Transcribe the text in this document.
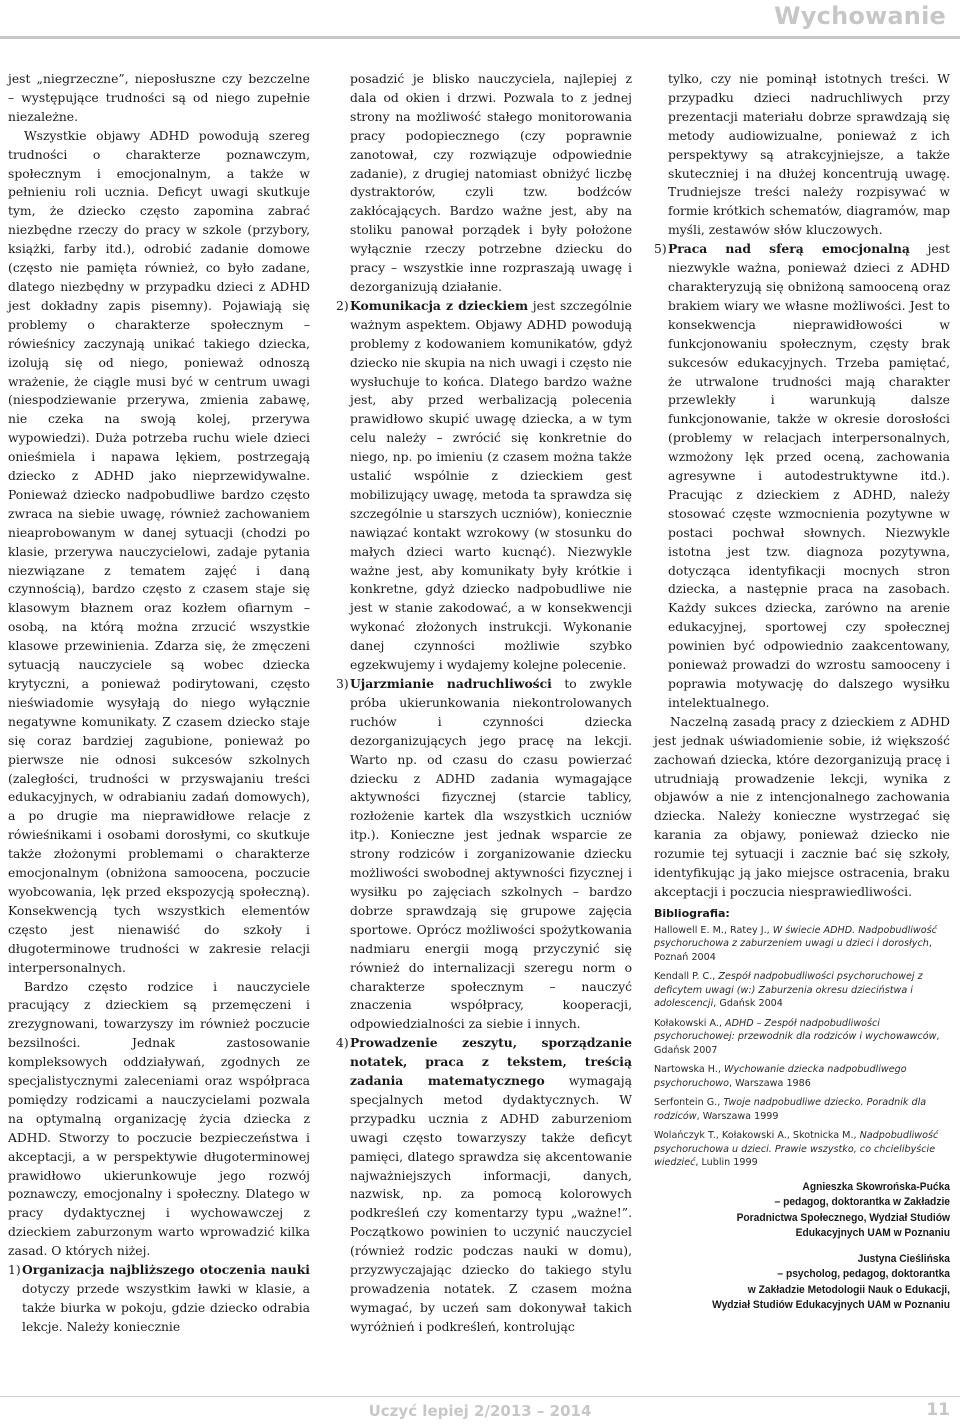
Wychowanie

jest „niegrzeczne”, nieposłuszne czy bezczelne – występujące trudności są od niego zupełnie niezależne.

Wszystkie objawy ADHD powodują szereg trudności o charakterze poznawczym, społecznym i emocjonalnym, a także w pełnieniu roli ucznia. Deficyt uwagi skutkuje tym, że dziecko często zapomina zabrać niezbędne rzeczy do pracy w szkole (przybory, książki, farby itd.), odrobić zadanie domowe (często nie pamięta również, co było zadane, dlatego niezbędny w przypadku dzieci z ADHD jest dokładny zapis pisemny). Pojawiają się problemy o charakterze społecznym – rówieśnicy zaczynają unikać takiego dziecka, izolują się od niego, ponieważ odnoszą wrażenie, że ciągle musi być w centrum uwagi (niespodziewanie przerywa, zmienia zabawę, nie czeka na swoją kolej, przerywa wypowiedzi). Duża potrzeba ruchu wiele dzieci onieśmiela i napawa lękiem, postrzegają dziecko z ADHD jako nieprzewidywalne. Ponieważ dziecko nadpobudliwe bardzo często zwraca na siebie uwagę, również zachowaniem nieaprobowanym w danej sytuacji (chodzi po klasie, przerywa nauczycielowi, zadaje pytania niezwiązane z tematem zajęć i daną czynnością), bardzo często z czasem staje się klasowym błaznem oraz kozłem ofiarnym – osobą, na którą można zrzucić wszystkie klasowe przewinienia. Zdarza się, że zmęczeni sytuacją nauczyciele są wobec dziecka krytyczni, a ponieważ podirytowani, często nieświadomie wysyłają do niego wyłącznie negatywne komunikaty. Z czasem dziecko staje się coraz bardziej zagubione, ponieważ po pierwsze nie odnosi sukcesów szkolnych (zaległości, trudności w przyswajaniu treści edukacyjnych, w odrabianiu zadań domowych), a po drugie ma nieprawidłowe relacje z rówieśnikami i osobami dorosłymi, co skutkuje także złożonymi problemami o charakterze emocjonalnym (obniżona samoocena, poczucie wyobcowania, lęk przed ekspozycją społeczną). Konsekwencją tych wszystkich elementów często jest nienawiść do szkoły i długoterminowe trudności w zakresie relacji interpersonalnych.

Bardzo często rodzice i nauczyciele pracujący z dzieckiem są przemęczeni i zrezygnowani, towarzyszy im również poczucie bezsilności. Jednak zastosowanie kompleksowych oddziaływań, zgodnych ze specjalistycznymi zaleceniami oraz współpraca pomiędzy rodzicami a nauczycielami pozwala na optymalną organizację życia dziecka z ADHD. Stworzy to poczucie bezpieczeństwa i akceptacji, a w perspektywie długoterminowej prawidłowo ukierunkowuje jego rozwój poznawczy, emocjonalny i społeczny. Dlatego w pracy dydaktycznej i wychowawczej z dzieckiem zaburzonym warto wprowadzić kilka zasad. O których niżej.

1) Organizacja najbliższego otoczenia nauki dotyczy przede wszystkim ławki w klasie, a także biurka w pokoju, gdzie dziecko odrabia lekcje. Należy koniecznie

posadzić je blisko nauczyciela, najlepiej z dala od okien i drzwi. Pozwala to z jednej strony na możliwość stałego monitorowania pracy podopiecznego (czy poprawnie zanotował, czy rozwiązuje odpowiednie zadanie), z drugiej natomiast obniżyć liczbę dystraktorów, czyli tzw. bodźców zakłócających. Bardzo ważne jest, aby na stoliku panował porządek i były położone wyłącznie rzeczy potrzebne dziecku do pracy – wszystkie inne rozpraszają uwagę i dezorganizują działanie.

2) Komunikacja z dzieckiem jest szczególnie ważnym aspektem. Objawy ADHD powodują problemy z kodowaniem komunikatów, gdyż dziecko nie skupia na nich uwagi i często nie wysłuchuje to końca. Dlatego bardzo ważne jest, aby przed werbalizacją polecenia prawidłowo skupić uwagę dziecka, a w tym celu należy – zwrócić się konkretnie do niego, np. po imieniu (z czasem można także ustalić wspólnie z dzieckiem gest mobilizujący uwagę, metoda ta sprawdza się szczególnie u starszych uczniów), koniecznie nawiązać kontakt wzrokowy (w stosunku do małych dzieci warto kucnąć). Niezwykle ważne jest, aby komunikaty były krótkie i konkretne, gdyż dziecko nadpobudliwe nie jest w stanie zakodować, a w konsekwencji wykonać złożonych instrukcji. Wykonanie danej czynności możliwie szybko egzekwujemy i wydajemy kolejne polecenie.

3) Ujarzmianie nadruchliwości to zwykle próba ukierunkowania niekontrolowanych ruchów i czynności dziecka dezorganizujących jego pracę na lekcji. Warto np. od czasu do czasu powierzać dziecku z ADHD zadania wymagające aktywności fizycznej (starcie tablicy, rozłożenie kartek dla wszystkich uczniów itp.). Konieczne jest jednak wsparcie ze strony rodziców i zorganizowanie dziecku możliwości swobodnej aktywności fizycznej i wysiłku po zajęciach szkolnych – bardzo dobrze sprawdzają się grupowe zajęcia sportowe. Oprócz możliwości spożytkowania nadmiaru energii mogą przyczynić się również do internalizacji szeregu norm o charakterze społecznym – nauczyć znaczenia współpracy, kooperacji, odpowiedzialności za siebie i innych.

4) Prowadzenie zeszytu, sporządzanie notatek, praca z tekstem, treścią zadania matematycznego wymagają specjalnych metod dydaktycznych. W przypadku ucznia z ADHD zaburzeniom uwagi często towarzyszy także deficyt pamięci, dlatego sprawdza się akcentowanie najważniejszych informacji, danych, nazwisk, np. za pomocą kolorowych podkreśleń czy komentarzy typu „ważne!”. Początkowo powinien to uczynić nauczyciel (również rodzic podczas nauki w domu), przyzwyczajając dziecko do takiego stylu prowadzenia notatek. Z czasem można wymagać, by uczeń sam dokonywał takich wyróżnień i podkreśleń, kontrolując

tylko, czy nie pominął istotnych treści. W przypadku dzieci nadruchliwych przy prezentacji materiału dobrze sprawdzają się metody audiowizualne, ponieważ z ich perspektywy są atrakcyjniejsze, a także skuteczniej i na dłużej koncentrują uwagę. Trudniejsze treści należy rozpisywać w formie krótkich schematów, diagramów, map myśli, zestawów słów kluczowych.

5) Praca nad sferą emocjonalną jest niezwykle ważna, ponieważ dzieci z ADHD charakteryzują się obniżoną samooceną oraz brakiem wiary we własne możliwości. Jest to konsekwencja nieprawidłowości w funkcjonowaniu społecznym, częsty brak sukcesów edukacyjnych. Trzeba pamiętać, że utrwalone trudności mają charakter przewlekły i warunkują dalsze funkcjonowanie, także w okresie dorosłości (problemy w relacjach interpersonalnych, wzmożony lęk przed oceną, zachowania agresywne i autodestruktywne itd.). Pracując z dzieckiem z ADHD, należy stosować częste wzmocnienia pozytywne w postaci pochwał słownych. Niezwykle istotna jest tzw. diagnoza pozytywna, dotycząca identyfikacji mocnych stron dziecka, a następnie praca na zasobach. Każdy sukces dziecka, zarówno na arenie edukacyjnej, sportowej czy społecznej powinien być odpowiednio zaakcentowany, ponieważ prowadzi do wzrostu samooceny i poprawia motywację do dalszego wysiłku intelektualnego.

Naczelną zasadą pracy z dzieckiem z ADHD jest jednak uświadomienie sobie, iż większość zachowań dziecka, które dezorganizują pracę i utrudniają prowadzenie lekcji, wynika z objawów a nie z intencjonalnego zachowania dziecka. Należy konieczne wystrzegać się karania za objawy, ponieważ dziecko nie rozumie tej sytuacji i zacznie bać się szkoły, identyfikując ją jako miejsce ostracenia, braku akceptacji i poczucia niesprawiedliwości.

Bibliografia:
Hallowell E. M., Ratey J., W świecie ADHD. Nadpobudliwość psychoruchowa z zaburzeniem uwagi u dzieci i dorosłych, Poznań 2004
Kendall P. C., Zespół nadpobudliwości psychoruchowej z deficytem uwagi (w:) Zaburzenia okresu dzieciństwa i adolescencji, Gdańsk 2004
Kołakowski A., ADHD – Zespół nadpobudliwości psychoruchowej: przewodnik dla rodziców i wychowawców, Gdańsk 2007
Nartowska H., Wychowanie dziecka nadpobudliwego psychoruchowo, Warszawa 1986
Serfontein G., Twoje nadpobudliwe dziecko. Poradnik dla rodziców, Warszawa 1999
Wolańczyk T., Kołakowski A., Skotnicka M., Nadpobudliwość psychoruchowa u dzieci. Prawie wszystko, co chcielibyście wiedzieć, Lublin 1999
Agnieszka Skowrońska-Pućka
– pedagog, doktorantka w Zakładzie
Poradnictwa Społecznego, Wydział Studiów
Edukacyjnych UAM w Poznaniu
Justyna Cieślińska
– psycholog, pedagog, doktorantka
w Zakładzie Metodologii Nauk o Edukacji,
Wydział Studiów Edukacyjnych UAM w Poznaniu
Uczyć lepiej 2/2013 – 2014	11
